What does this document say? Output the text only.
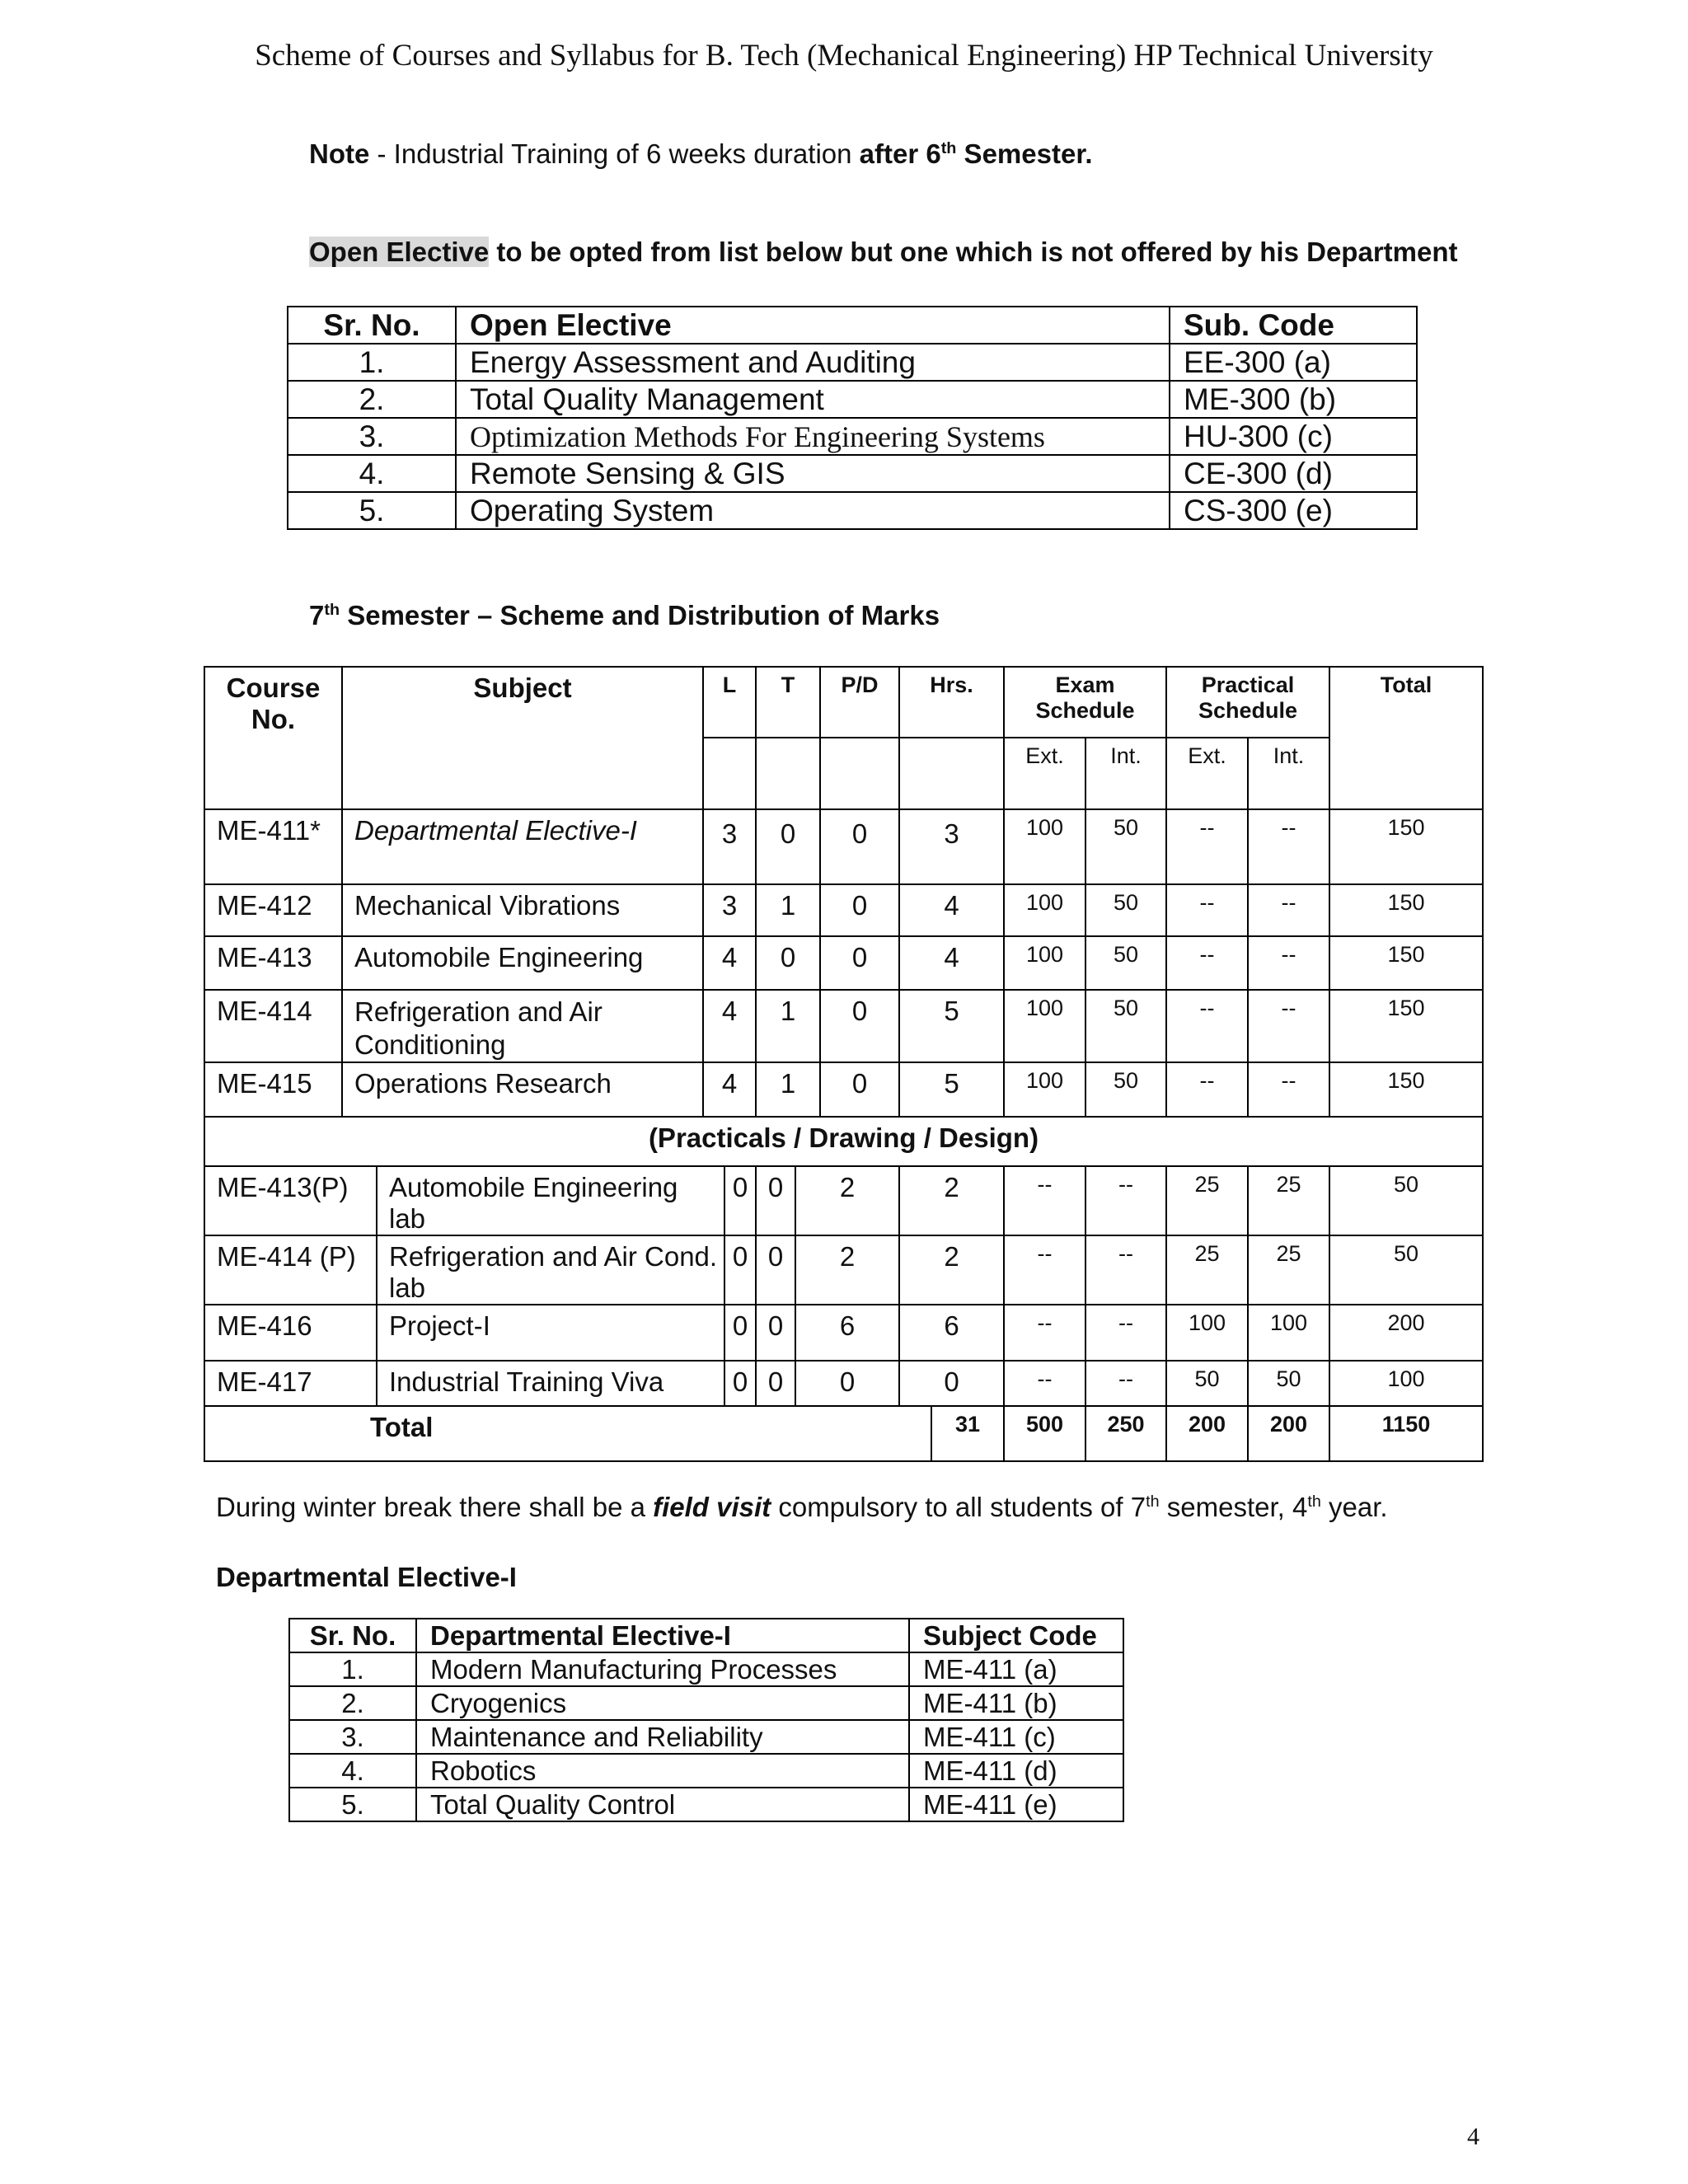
Scheme of Courses and Syllabus for B. Tech (Mechanical Engineering) HP Technical University
Note - Industrial Training of 6 weeks duration after 6th Semester.
Open Elective to be opted from list below but one which is not offered by his Department
Sr. No.	Open Elective	Sub. Code
1.	Energy Assessment and Auditing	EE-300 (a)
2.	Total Quality Management	ME-300 (b)
3.	Optimization Methods For Engineering Systems	HU-300 (c)
4.	Remote Sensing & GIS	CE-300 (d)
5.	Operating System	CS-300 (e)
7th Semester – Scheme and Distribution of Marks
Course No.	Subject		L		T		P/D	Hrs.		Exam Schedule		Practical Schedule		Total
										Ext.	Int.	Ext.	Int.	
ME-411*	Departmental Elective-I		3		0		0	3		100	50	--	--	150
ME-412	Mechanical Vibrations		3		1		0	4		100	50	--	--	150
ME-413	Automobile Engineering		4		0		0	4		100	50	--	--	150
ME-414	Refrigeration and Air Conditioning		4		1		0	5		100	50	--	--	150
ME-415	Operations Research		4		1		0	5		100	50	--	--	150
(Practicals / Drawing / Design)														
ME-413(P)		Automobile Engineering lab		0	0	2		2		--	--	25	25	50
ME-414 (P)		Refrigeration and Air Cond. lab		0	0	2		2		--	--	25	25	50
ME-416		Project-I		0	0	6		6		--	--	100	100	200
ME-417		Industrial Training Viva		0	0	0		0		--	--	50	50	100
Total									31	500	250	200	200	1150
During winter break there shall be a field visit compulsory to all students of 7th semester, 4th year.
Departmental Elective-I
Sr. No.	Departmental Elective-I	Subject Code
1.	Modern Manufacturing Processes	ME-411 (a)
2.	Cryogenics	ME-411 (b)
3.	Maintenance and Reliability	ME-411 (c)
4.	Robotics	ME-411 (d)
5.	Total Quality Control	ME-411 (e)
4
